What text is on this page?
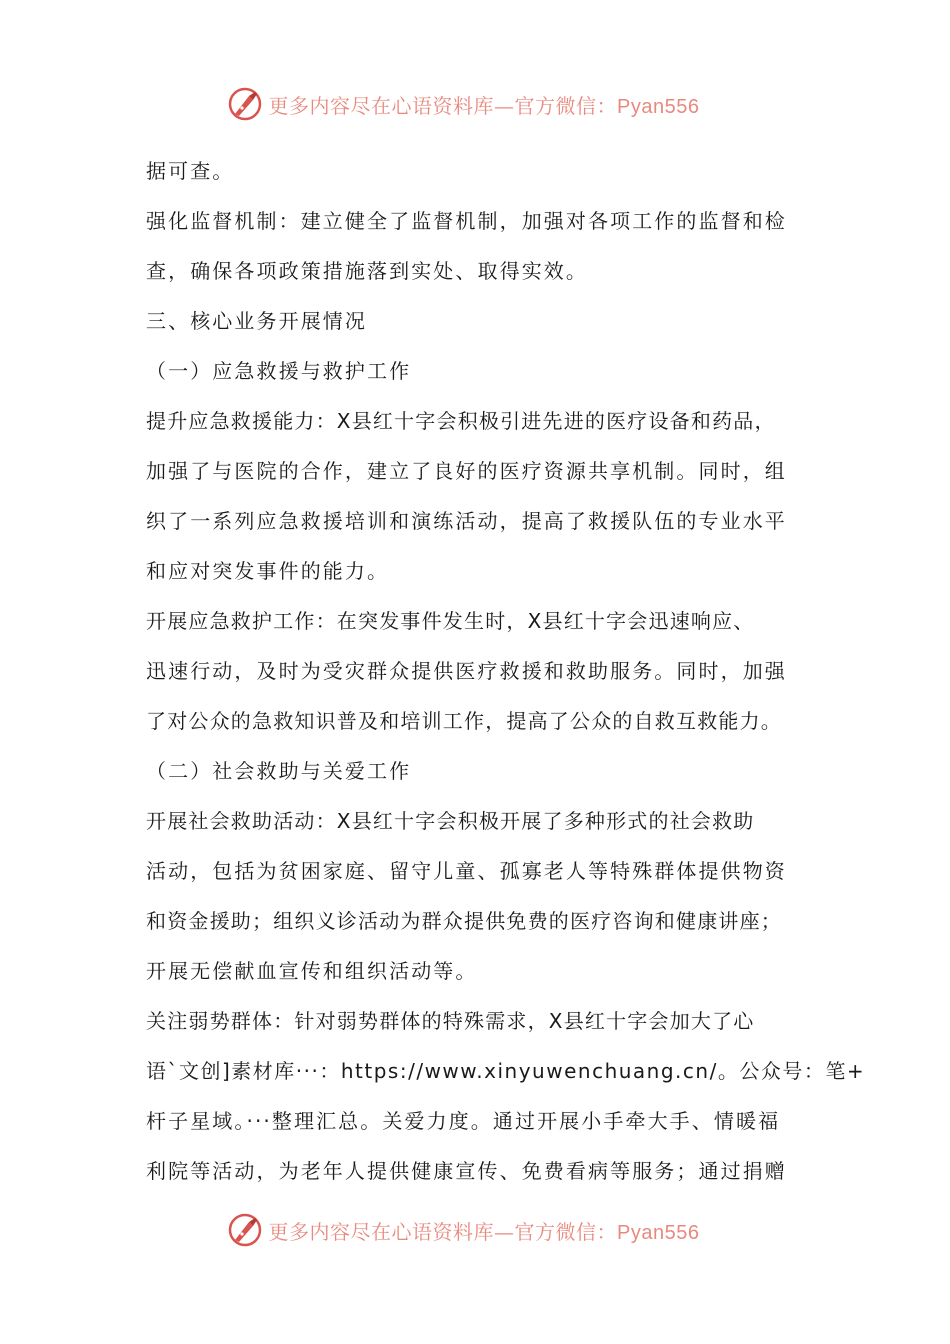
更多内容尽在心语资料库—官方微信：Pyan556
据可查。
强化监督机制：建立健全了监督机制，加强对各项工作的监督和检
查，确保各项政策措施落到实处、取得实效。
三、核心业务开展情况
（一）应急救援与救护工作
提升应急救援能力：X县红十字会积极引进先进的医疗设备和药品，
加强了与医院的合作，建立了良好的医疗资源共享机制。同时，组
织了一系列应急救援培训和演练活动，提高了救援队伍的专业水平
和应对突发事件的能力。
开展应急救护工作：在突发事件发生时，X县红十字会迅速响应、
迅速行动，及时为受灾群众提供医疗救援和救助服务。同时，加强
了对公众的急救知识普及和培训工作，提高了公众的自救互救能力。
（二）社会救助与关爱工作
开展社会救助活动：X县红十字会积极开展了多种形式的社会救助
活动，包括为贫困家庭、留守儿童、孤寡老人等特殊群体提供物资
和资金援助；组织义诊活动为群众提供免费的医疗咨询和健康讲座；
开展无偿献血宣传和组织活动等。
关注弱势群体：针对弱势群体的特殊需求，X县红十字会加大了心
语`文创]素材库···：https://www.xinyuwenchuang.cn/。公众号：笔+
杆子星域。···整理汇总。关爱力度。通过开展小手牵大手、情暖福
利院等活动，为老年人提供健康宣传、免费看病等服务；通过捐赠
更多内容尽在心语资料库—官方微信：Pyan556
